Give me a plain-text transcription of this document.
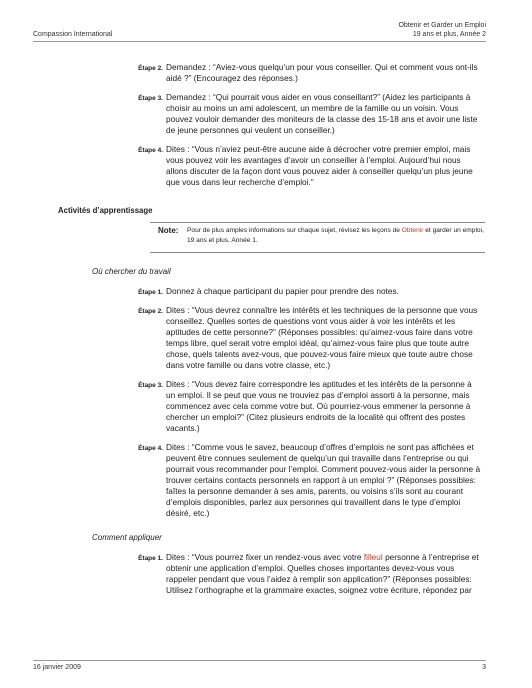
Compassion International
Obtenir et Garder un Emploi
19 ans et plus, Année 2
Étape 2. Demandez : “Aviez-vous quelqu’un pour vous conseiller. Qui et comment vous ont-ils aidé ?” (Encouragez des réponses.)
Étape 3. Demandez : “Qui pourrait vous aider en vous conseillant?” (Aidez les participants à choisir au moins un ami adolescent, un membre de la famille ou un voisin. Vous pouvez vouloir demander des moniteurs de la classe des 15-18 ans et avoir une liste de jeune personnes qui veulent un conseiller.)
Étape 4. Dites : “Vous n’aviez peut-être aucune aide à décrocher votre premier emploi, mais vous pouvez voir les avantages d’avoir un conseiller à l’emploi. Aujourd’hui nous allons discuter de la façon dont vous pouvez aider à conseiller quelqu’un plus jeune que vous dans leur recherche d’emploi.”
Activités d’apprentissage
Note: Pour de plus amples informations sur chaque sujet, révisez les leçons de Obtenir et garder un emploi, 19 ans et plus, Année 1.
Où chercher du travail
Étape 1. Donnez à chaque participant du papier pour prendre des notes.
Étape 2. Dites : “Vous devrez connaître les intérêts et les techniques de la personne que vous conseillez. Quelles sortes de questions vont vous aider à voir les intérêts et les aptitudes de cette personne?” (Réponses possibles: qu’aimez-vous faire dans votre temps libre, quel serait votre emploi idéal, qu’aimez-vous faire plus que toute autre chose, quels talents avez-vous, que pouvez-vous faire mieux que toute autre chose dans votre famille ou dans votre classe, etc.)
Étape 3. Dites : “Vous devez faire correspondre les aptitudes et les intérêts de la personne à un emploi. Il se peut que vous ne trouviez pas d’emploi assorti à la personne, mais commencez avec cela comme votre but. Où pourriez-vous emmener la personne à chercher un emploi?” (Citez plusieurs endroits de la localité qui offrent des postes vacants.)
Étape 4. Dites : “Comme vous le savez, beaucoup d’offres d’emplois ne sont pas affichées et peuvent être connues seulement de quelqu’un qui travaille dans l’entreprise ou qui pourrait vous recommander pour l’emploi. Comment pouvez-vous aider la personne à trouver certains contacts personnels en rapport à un emploi ?” (Réponses possibles: faîtes la personne demander à ses amis, parents, ou voisins s’ils sont au courant d’emplois disponibles, parlez aux personnes qui travaillent dans le type d’emploi désiré, etc.)
Comment appliquer
Étape 1. Dites : “Vous pourrez fixer un rendez-vous avec votre filleul personne à l’entreprise et obtenir une application d’emploi. Quelles choses importantes devez-vous vous rappeler pendant que vous l’aidez à remplir son application?” (Réponses possibles: Utilisez l’orthographe et la grammaire exactes, soignez votre écriture, répondez par
16 janvier 2009	3
